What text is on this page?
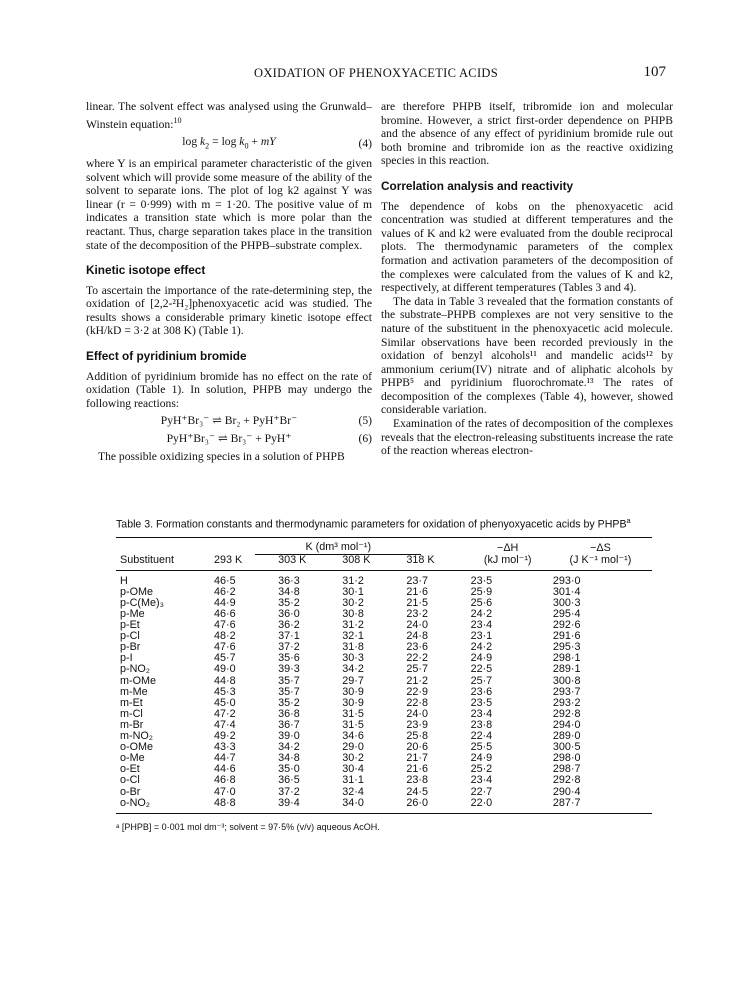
OXIDATION OF PHENOXYACETIC ACIDS	107

linear. The solvent effect was analysed using the Grunwald–Winstein equation:$^{10}$

$\log k_2 = \log k_0$ + mY	(4)

where Y is an empirical parameter characteristic of the given solvent which will provide some measure of the ability of the solvent to separate ions. The plot of log k2 against Y was linear (r = 0·999) with m = 1·20. The positive value of m indicates a transition state which is more polar than the reactant. Thus, charge separation takes place in the transition state of the decomposition of the PHPB–substrate complex.

Kinetic isotope effect

To ascertain the importance of the rate-determining step, the oxidation of [2,2-²H₂]phenoxyacetic acid was studied. The results shows a considerable primary kinetic isotope effect (kH/kD = 3·2 at 308 K) (Table 1).

Effect of pyridinium bromide

Addition of pyridinium bromide has no effect on the rate of oxidation (Table 1). In solution, PHPB may undergo the following reactions:

PyH⁺Br₃⁻ ⇌ Br₂ + PyH⁺Br⁻	(5)
PyH⁺Br₃⁻ ⇌ Br₃⁻ + PyH⁺	(6)

The possible oxidizing species in a solution of PHPB

are therefore PHPB itself, tribromide ion and molecular bromine. However, a strict first-order dependence on PHPB and the absence of any effect of pyridinium bromide rule out both bromine and tribromide ion as the reactive oxidizing species in this reaction.

Correlation analysis and reactivity

The dependence of kobs on the phenoxyacetic acid concentration was studied at different temperatures and the values of K and k2 were evaluated from the double reciprocal plots. The thermodynamic parameters of the complex formation and activation parameters of the decomposition of the complexes were calculated from the values of K and k2, respectively, at different temperatures (Tables 3 and 4).

The data in Table 3 revealed that the formation constants of the substrate–PHPB complexes are not very sensitive to the nature of the substituent in the phenoxyacetic acid molecule. Similar observations have been recorded previously in the oxidation of benzyl alcohols¹¹ and mandelic acids¹² by ammonium cerium(IV) nitrate and of aliphatic alcohols by PHPB⁵ and pyridinium fluorochromate.¹³ The rates of decomposition of the complexes (Table 4), however, showed considerable variation.

Examination of the rates of decomposition of the complexes reveals that the electron-releasing substituents increase the rate of the reaction whereas electron-

Table 3. Formation constants and thermodynamic parameters for oxidation of phenyoxyacetic acids by PHPB$^a$
	K (dm³ mol⁻¹)				−ΔH	−ΔS
Substituent	293 K	303 K	308 K	318 K	(kJ mol⁻¹)	(J K⁻¹ mol⁻¹)
H	46·5	36·3	31·2	23·7	23·5	293·0
p-OMe	46·2	34·8	30·1	21·6	25·9	301·4
p-C(Me)₃	44·9	35·2	30·2	21·5	25·6	300·3
p-Me	46·6	36·0	30·8	23·2	24·2	295·4
p-Et	47·6	36·2	31·2	24·0	23·4	292·6
p-Cl	48·2	37·1	32·1	24·8	23·1	291·6
p-Br	47·6	37·2	31·8	23·6	24·2	295·3
p-I	45·7	35·6	30·3	22·2	24·9	298·1
p-NO₂	49·0	39·3	34·2	25·7	22·5	289·1
m-OMe	44·8	35·7	29·7	21·2	25·7	300·8
m-Me	45·3	35·7	30·9	22·9	23·6	293·7
m-Et	45·0	35·2	30·9	22·8	23·5	293·2
m-Cl	47·2	36·8	31·5	24·0	23·4	292·8
m-Br	47·4	36·7	31·5	23·9	23·8	294·0
m-NO₂	49·2	39·0	34·6	25·8	22·4	289·0
o-OMe	43·3	34·2	29·0	20·6	25·5	300·5
o-Me	44·7	34·8	30·2	21·7	24·9	298·0
o-Et	44·6	35·0	30·4	21·6	25·2	298·7
o-Cl	46·8	36·5	31·1	23·8	23·4	292·8
o-Br	47·0	37·2	32·4	24·5	22·7	290·4
o-NO₂	48·8	39·4	34·0	26·0	22·0	287·7
ᵃ [PHPB] = 0·001 mol dm⁻³; solvent = 97·5% (v/v) aqueous AcOH.
